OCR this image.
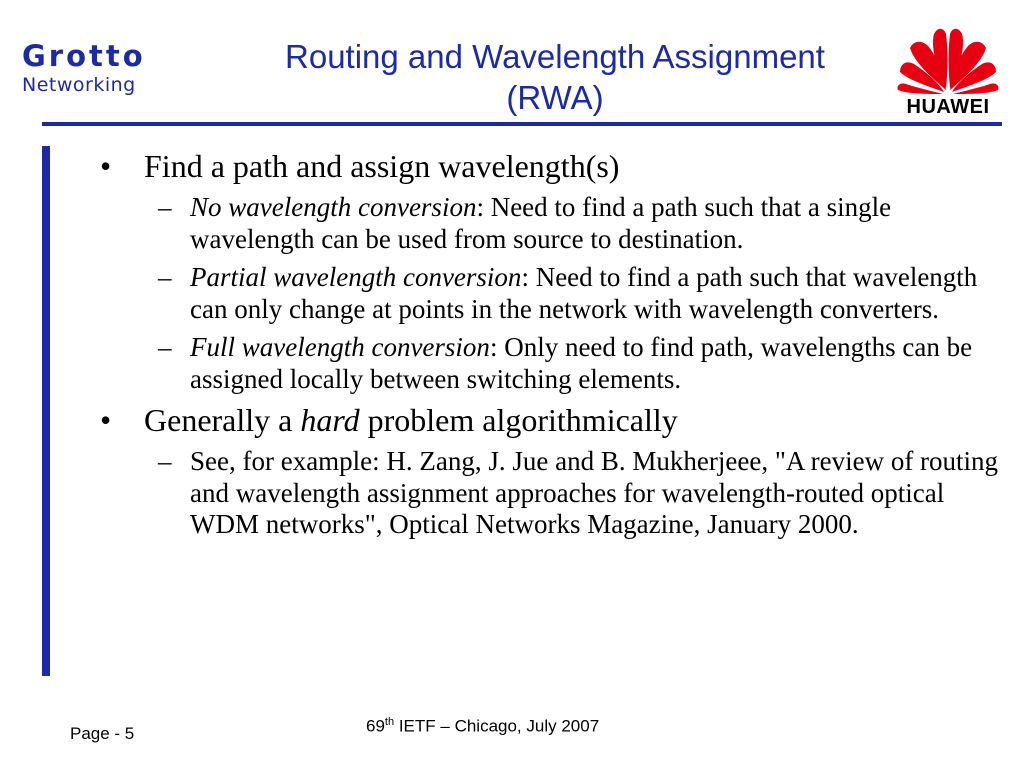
Grotto
Networking
Routing and Wavelength Assignment
(RWA)	HUAWEI
•	Find a path and assign wavelength(s)
– No wavelength conversion: Need to find a path such that a single wavelength can be used from source to destination.
– Partial wavelength conversion: Need to find a path such that wavelength can only change at points in the network with wavelength converters.
– Full wavelength conversion: Only need to find path, wavelengths can be assigned locally between switching elements.
•	Generally a hard problem algorithmically
– See, for example: H. Zang, J. Jue and B. Mukherjeee, "A review of routing and wavelength assignment approaches for wavelength-routed optical WDM networks", Optical Networks Magazine, January 2000.
Page - 5	69th IETF – Chicago, July 2007
